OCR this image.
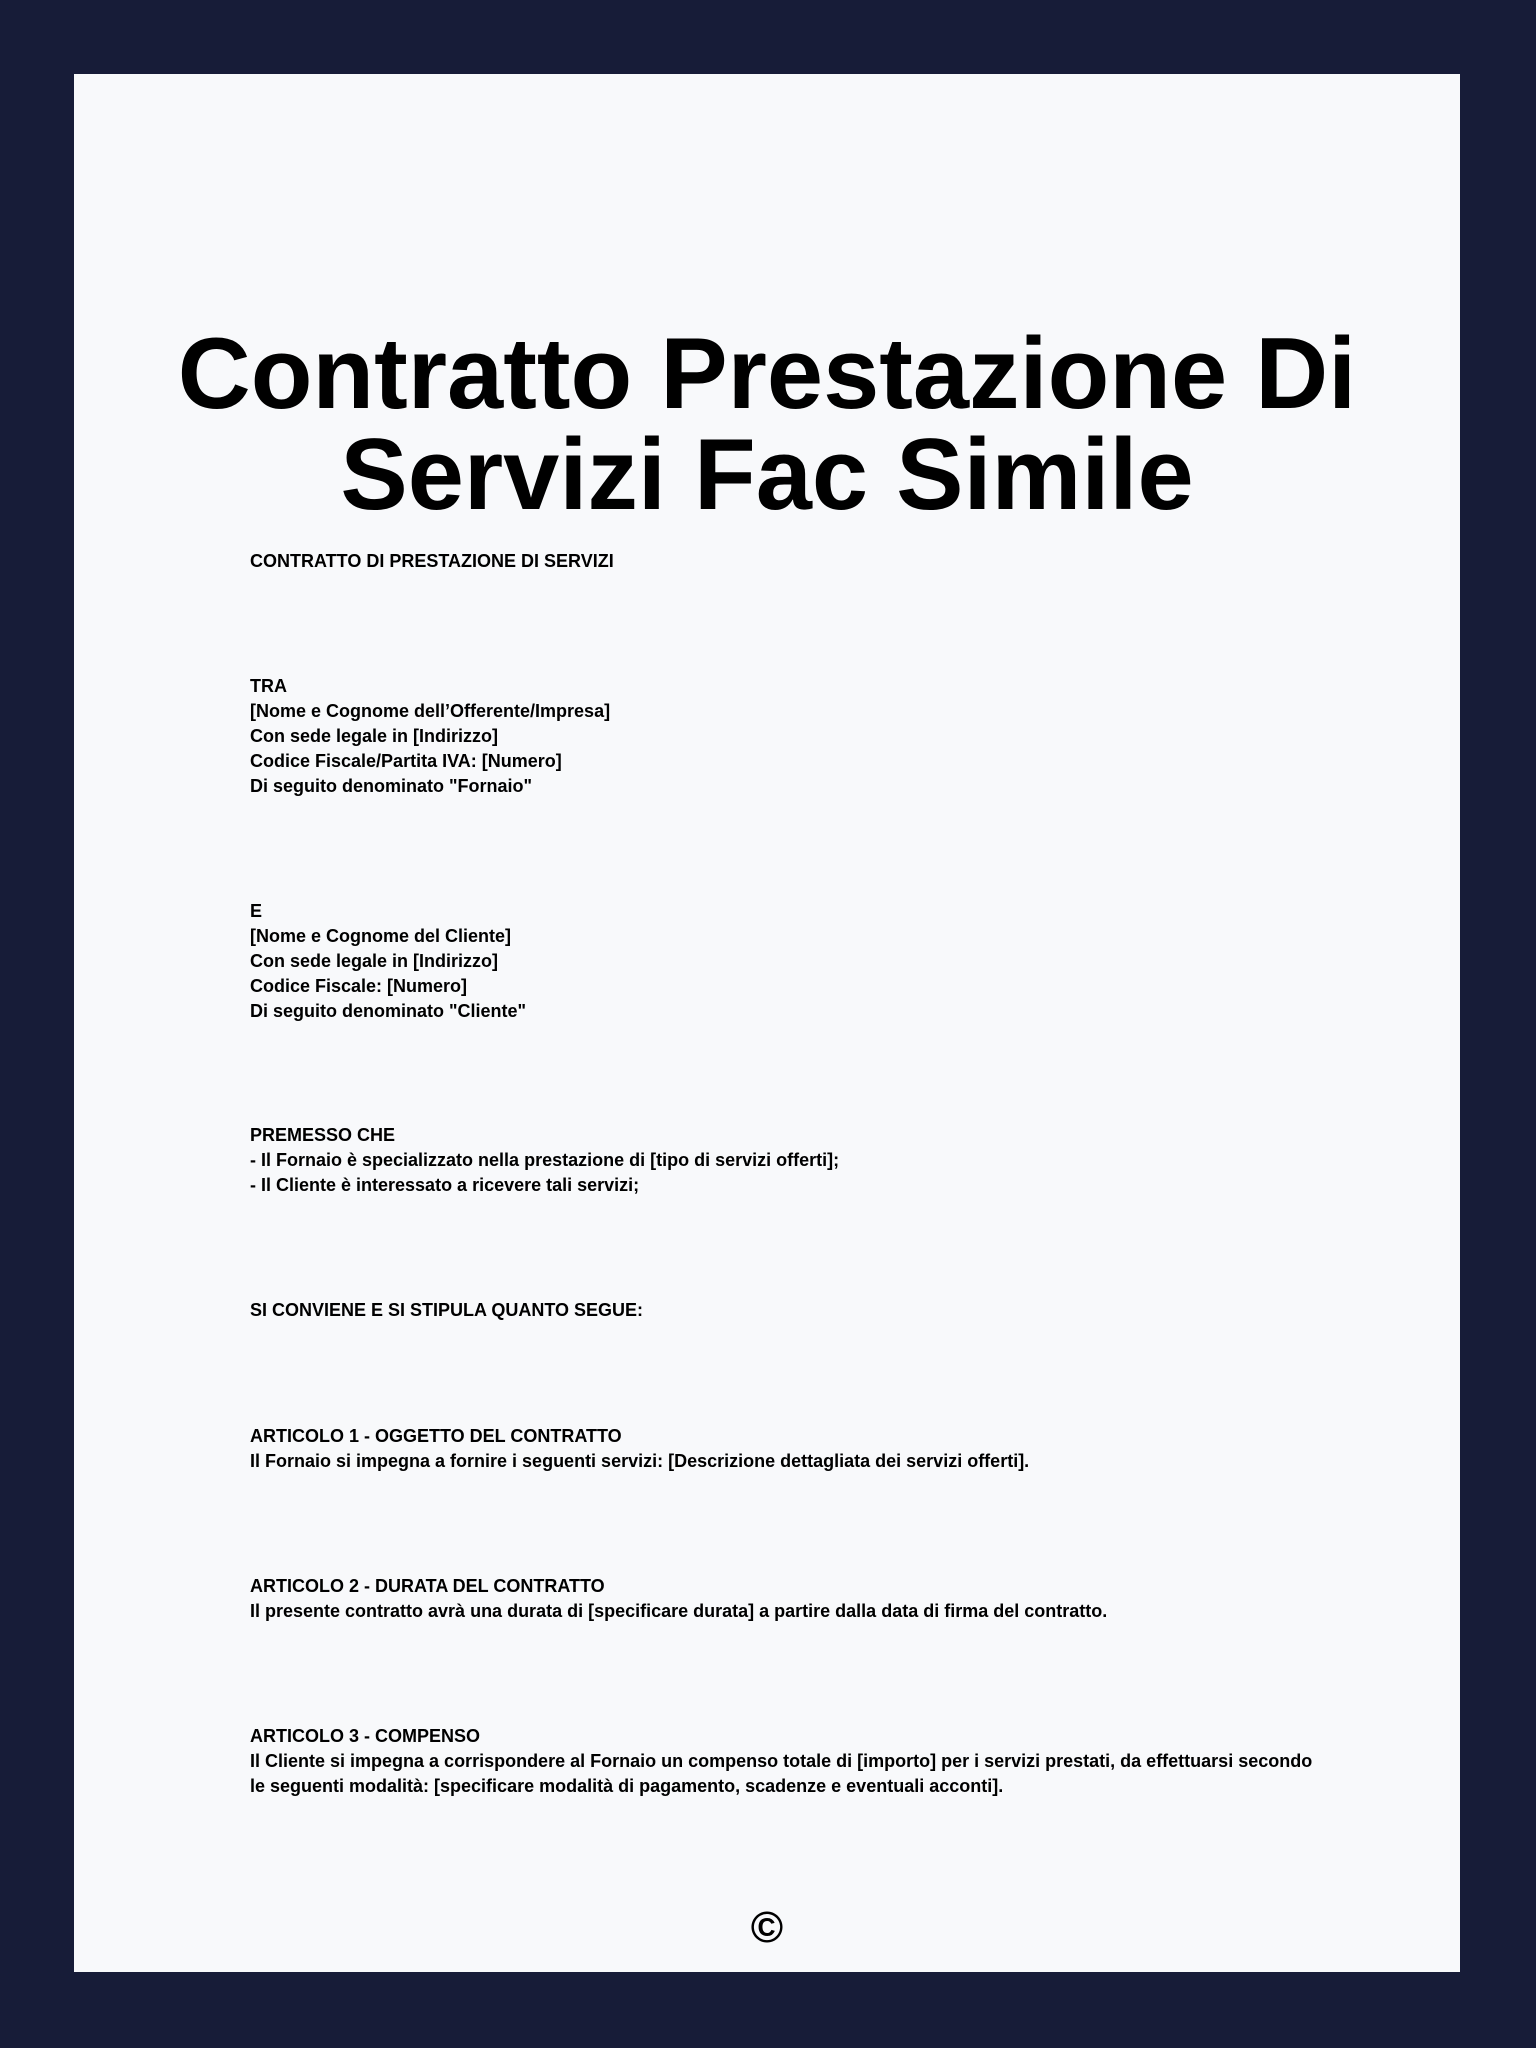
Contratto Prestazione Di
Servizi Fac Simile
CONTRATTO DI PRESTAZIONE DI SERVIZI
TRA
[Nome e Cognome dell’Offerente/Impresa]
Con sede legale in [Indirizzo]
Codice Fiscale/Partita IVA: [Numero]
Di seguito denominato "Fornaio"
E
[Nome e Cognome del Cliente]
Con sede legale in [Indirizzo]
Codice Fiscale: [Numero]
Di seguito denominato "Cliente"
PREMESSO CHE
- Il Fornaio è specializzato nella prestazione di [tipo di servizi offerti];
- Il Cliente è interessato a ricevere tali servizi;
SI CONVIENE E SI STIPULA QUANTO SEGUE:
ARTICOLO 1 - OGGETTO DEL CONTRATTO
Il Fornaio si impegna a fornire i seguenti servizi: [Descrizione dettagliata dei servizi offerti].
ARTICOLO 2 - DURATA DEL CONTRATTO
Il presente contratto avrà una durata di [specificare durata] a partire dalla data di firma del contratto.
ARTICOLO 3 - COMPENSO
Il Cliente si impegna a corrispondere al Fornaio un compenso totale di [importo] per i servizi prestati, da effettuarsi secondo le seguenti modalità: [specificare modalità di pagamento, scadenze e eventuali acconti].
©
